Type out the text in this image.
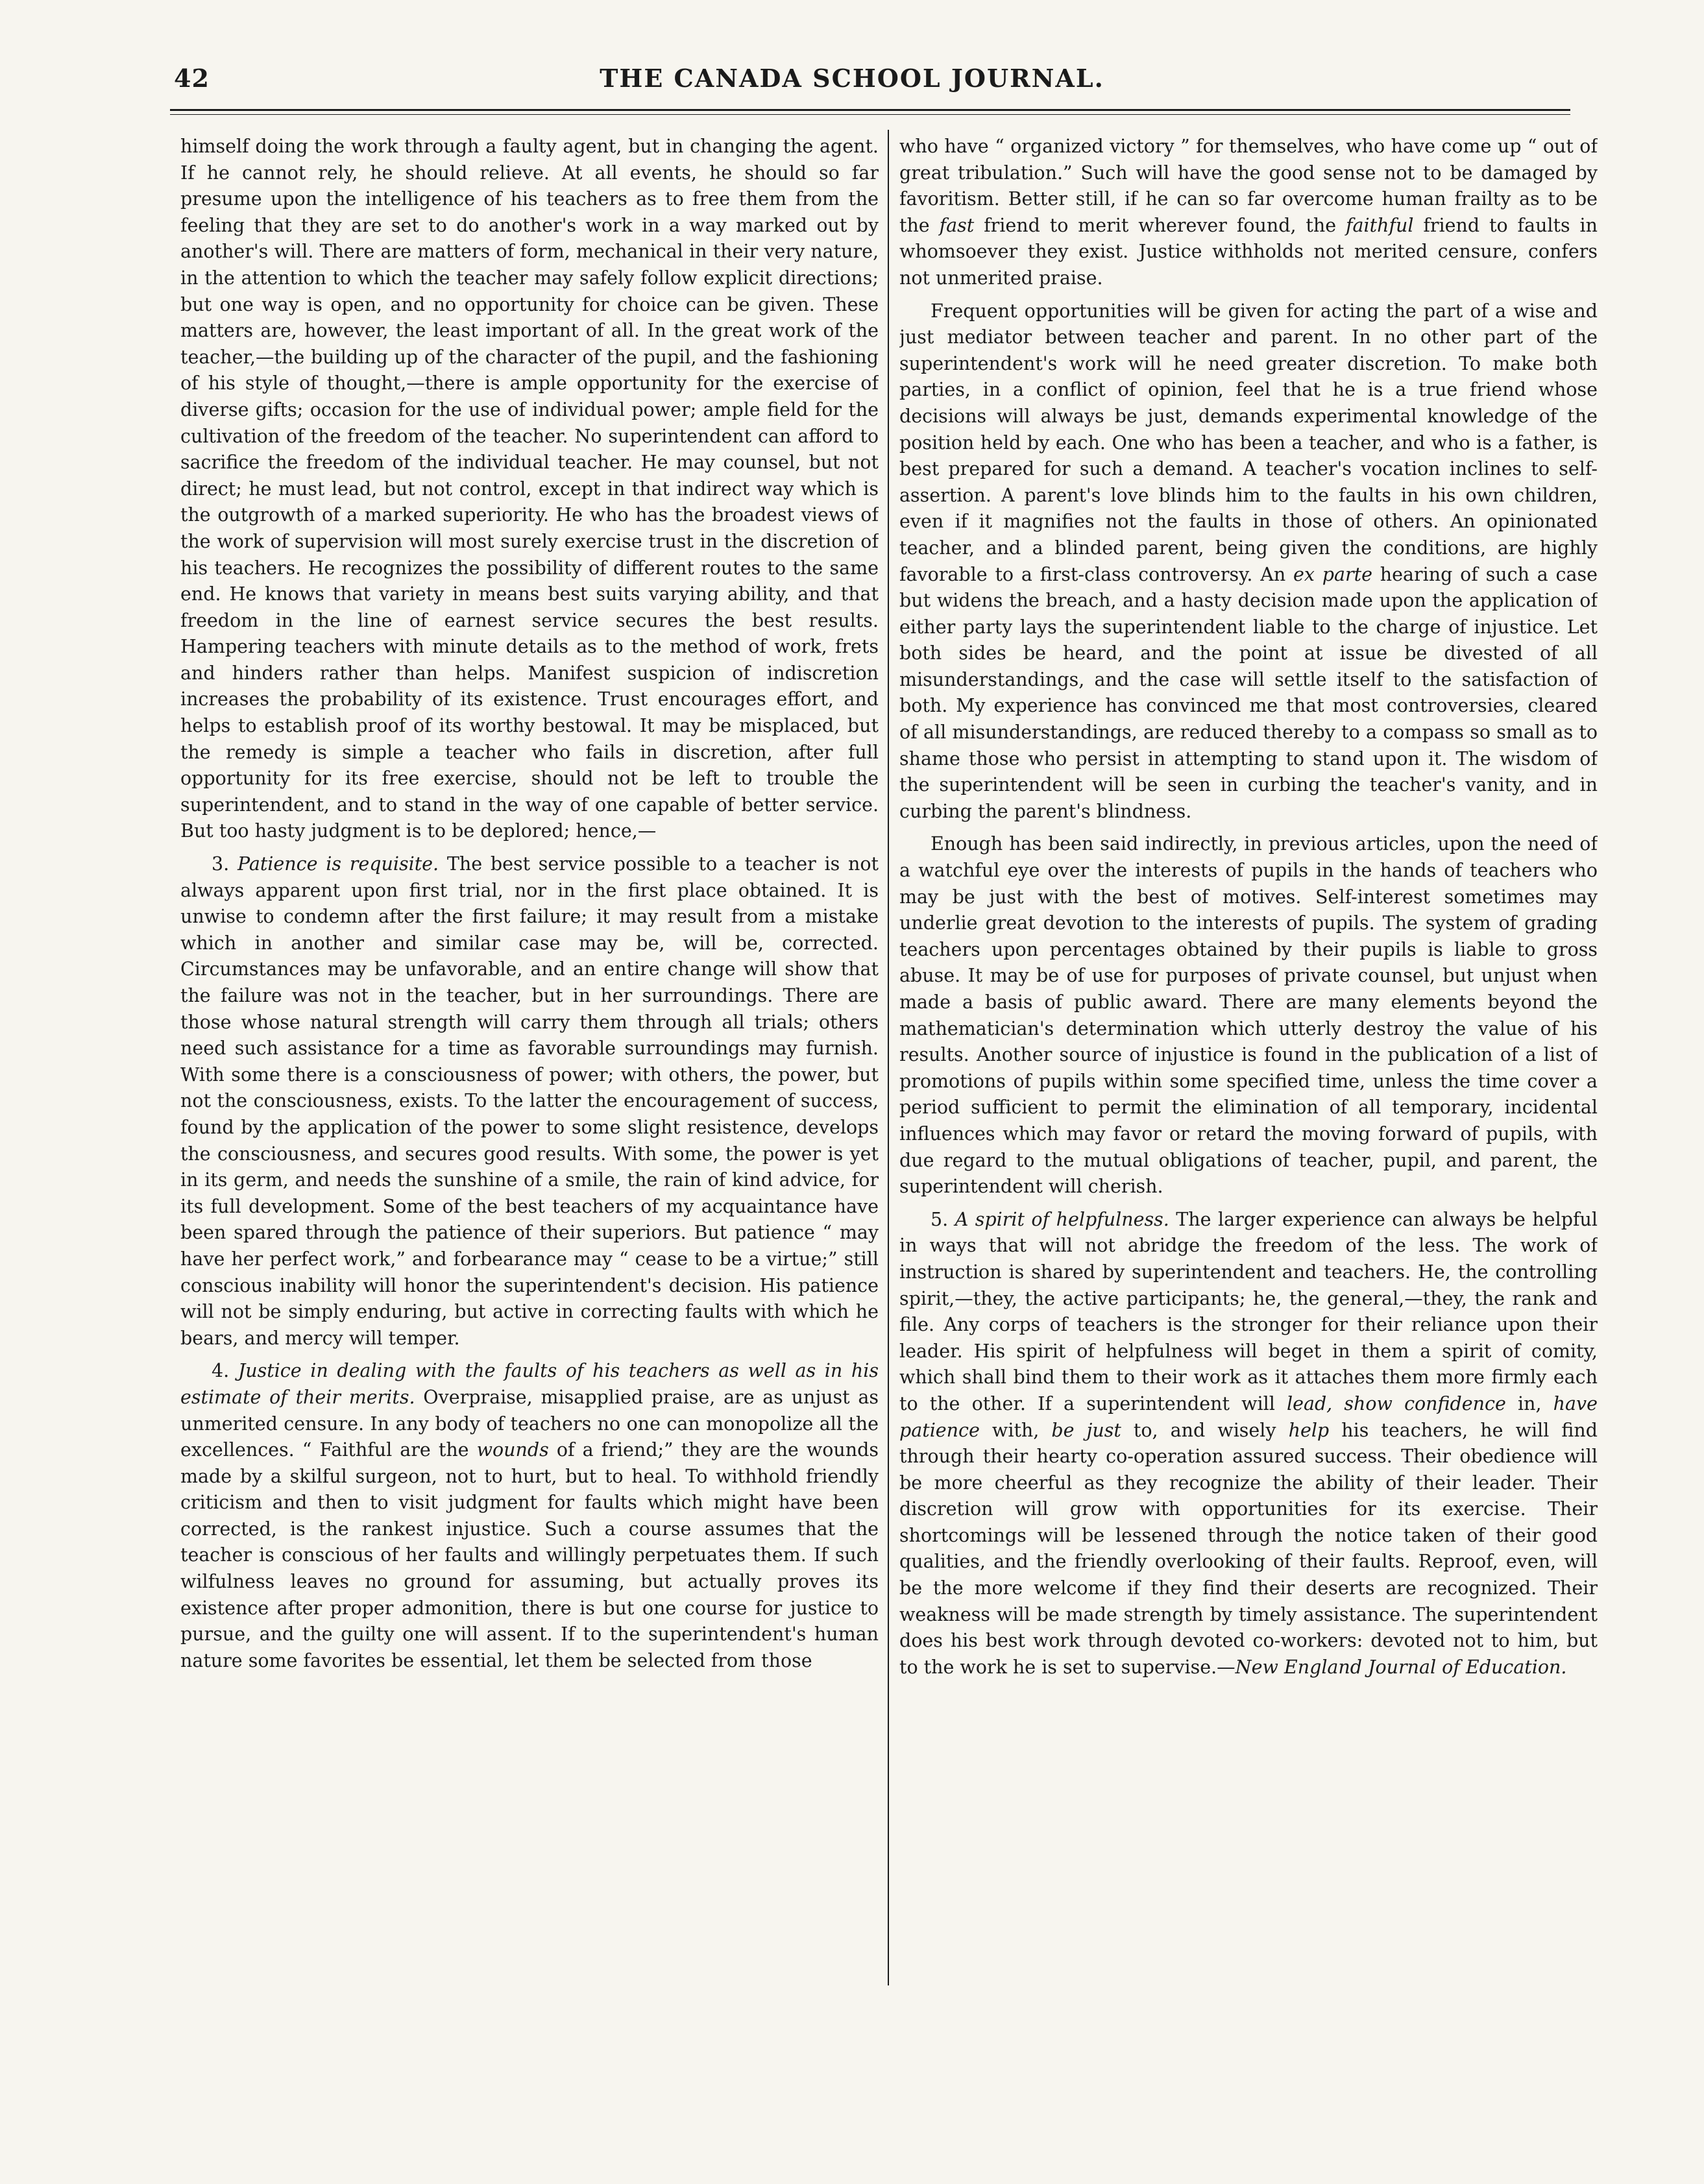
42	THE CANADA SCHOOL JOURNAL.

himself doing the work through a faulty agent, but in changing the agent. If he cannot rely, he should relieve. At all events, he should so far presume upon the intelligence of his teachers as to free them from the feeling that they are set to do another's work in a way marked out by another's will. There are matters of form, mechanical in their very nature, in the attention to which the teacher may safely follow explicit directions; but one way is open, and no opportunity for choice can be given. These matters are, however, the least important of all. In the great work of the teacher,—the building up of the character of the pupil, and the fashioning of his style of thought,—there is ample opportunity for the exercise of diverse gifts; occasion for the use of individual power; ample field for the cultivation of the freedom of the teacher. No superintendent can afford to sacrifice the freedom of the individual teacher. He may counsel, but not direct; he must lead, but not control, except in that indirect way which is the outgrowth of a marked superiority. He who has the broadest views of the work of supervision will most surely exercise trust in the discretion of his teachers. He recognizes the possibility of different routes to the same end. He knows that variety in means best suits varying ability, and that freedom in the line of earnest service secures the best results. Hampering teachers with minute details as to the method of work, frets and hinders rather than helps. Manifest suspicion of indiscretion increases the probability of its existence. Trust encourages effort, and helps to establish proof of its worthy bestowal. It may be misplaced, but the remedy is simple a teacher who fails in discretion, after full opportunity for its free exercise, should not be left to trouble the superintendent, and to stand in the way of one capable of better service. But too hasty judgment is to be deplored; hence,—

3. Patience is requisite. The best service possible to a teacher is not always apparent upon first trial, nor in the first place obtained. It is unwise to condemn after the first failure; it may result from a mistake which in another and similar case may be, will be, corrected. Circumstances may be unfavorable, and an entire change will show that the failure was not in the teacher, but in her surroundings. There are those whose natural strength will carry them through all trials; others need such assistance for a time as favorable surroundings may furnish. With some there is a consciousness of power; with others, the power, but not the consciousness, exists. To the latter the encouragement of success, found by the application of the power to some slight resistence, develops the consciousness, and secures good results. With some, the power is yet in its germ, and needs the sunshine of a smile, the rain of kind advice, for its full development. Some of the best teachers of my acquaintance have been spared through the patience of their superiors. But patience “ may have her perfect work,” and forbearance may “ cease to be a virtue;” still conscious inability will honor the superintendent's decision. His patience will not be simply enduring, but active in correcting faults with which he bears, and mercy will temper.

4. Justice in dealing with the faults of his teachers as well as in his estimate of their merits. Overpraise, misapplied praise, are as unjust as unmerited censure. In any body of teachers no one can monopolize all the excellences. “ Faithful are the wounds of a friend;” they are the wounds made by a skilful surgeon, not to hurt, but to heal. To withhold friendly criticism and then to visit judgment for faults which might have been corrected, is the rankest injustice. Such a course assumes that the teacher is conscious of her faults and willingly perpetuates them. If such wilfulness leaves no ground for assuming, but actually proves its existence after proper admonition, there is but one course for justice to pursue, and the guilty one will assent. If to the superintendent's human nature some favorites be essential, let them be selected from those

who have “ organized victory ” for themselves, who have come up “ out of great tribulation.” Such will have the good sense not to be damaged by favoritism. Better still, if he can so far overcome human frailty as to be the fast friend to merit wherever found, the faithful friend to faults in whomsoever they exist. Justice withholds not merited censure, confers not unmerited praise.

Frequent opportunities will be given for acting the part of a wise and just mediator between teacher and parent. In no other part of the superintendent's work will he need greater discretion. To make both parties, in a conflict of opinion, feel that he is a true friend whose decisions will always be just, demands experimental knowledge of the position held by each. One who has been a teacher, and who is a father, is best prepared for such a demand. A teacher's vocation inclines to self-assertion. A parent's love blinds him to the faults in his own children, even if it magnifies not the faults in those of others. An opinionated teacher, and a blinded parent, being given the conditions, are highly favorable to a first-class controversy. An ex parte hearing of such a case but widens the breach, and a hasty decision made upon the application of either party lays the superintendent liable to the charge of injustice. Let both sides be heard, and the point at issue be divested of all misunderstandings, and the case will settle itself to the satisfaction of both. My experience has convinced me that most controversies, cleared of all misunderstandings, are reduced thereby to a compass so small as to shame those who persist in attempting to stand upon it. The wisdom of the superintendent will be seen in curbing the teacher's vanity, and in curbing the parent's blindness.

Enough has been said indirectly, in previous articles, upon the need of a watchful eye over the interests of pupils in the hands of teachers who may be just with the best of motives. Self-interest sometimes may underlie great devotion to the interests of pupils. The system of grading teachers upon percentages obtained by their pupils is liable to gross abuse. It may be of use for purposes of private counsel, but unjust when made a basis of public award. There are many elements beyond the mathematician's determination which utterly destroy the value of his results. Another source of injustice is found in the publication of a list of promotions of pupils within some specified time, unless the time cover a period sufficient to permit the elimination of all temporary, incidental influences which may favor or retard the moving forward of pupils, with due regard to the mutual obligations of teacher, pupil, and parent, the superintendent will cherish.

5. A spirit of helpfulness. The larger experience can always be helpful in ways that will not abridge the freedom of the less. The work of instruction is shared by superintendent and teachers. He, the controlling spirit,—they, the active participants; he, the general,—they, the rank and file. Any corps of teachers is the stronger for their reliance upon their leader. His spirit of helpfulness will beget in them a spirit of comity, which shall bind them to their work as it attaches them more firmly each to the other. If a superintendent will lead, show confidence in, have patience with, be just to, and wisely help his teachers, he will find through their hearty co-operation assured success. Their obedience will be more cheerful as they recognize the ability of their leader. Their discretion will grow with opportunities for its exercise. Their shortcomings will be lessened through the notice taken of their good qualities, and the friendly overlooking of their faults. Reproof, even, will be the more welcome if they find their deserts are recognized. Their weakness will be made strength by timely assistance. The superintendent does his best work through devoted co-workers: devoted not to him, but to the work he is set to supervise.—New England Journal of Education.
